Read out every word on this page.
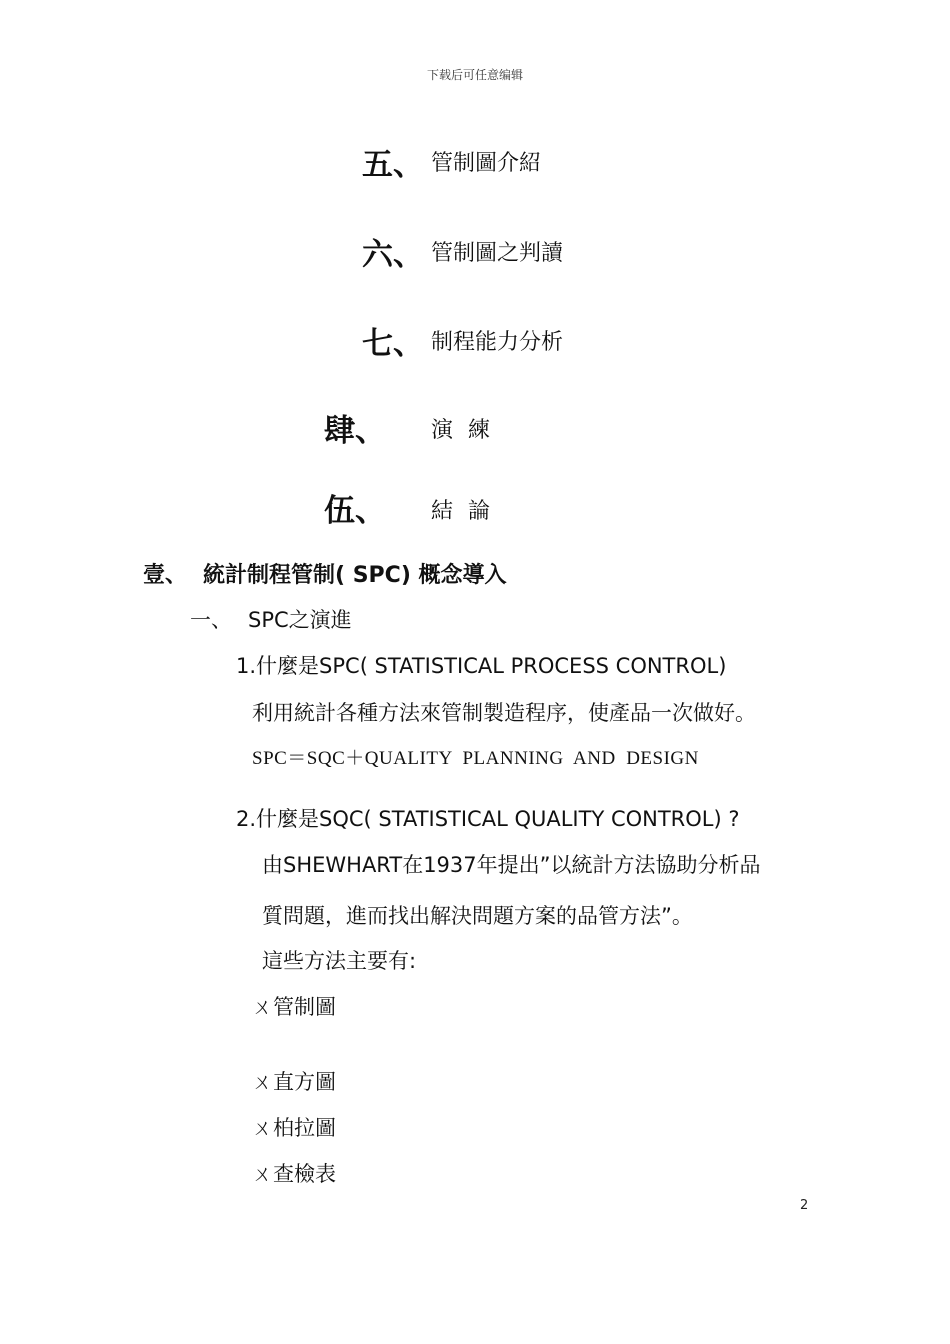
下载后可任意编辑
五、 管制圖介紹
六、 管制圖之判讀
七、 制程能力分析
肆、 演 練
伍、 結 論
壹、 統計制程管制( SPC) 概念導入
一、 SPC之演進
1.什麼是SPC( STATISTICAL PROCESS CONTROL)
利用統計各種方法來管制製造程序，使產品一次做好。
SPC＝SQC＋QUALITY  PLANNING  AND  DESIGN
2.什麼是SQC( STATISTICAL QUALITY CONTROL) ?
由SHEWHART在1937年提出”以統計方法協助分析品
質問題，進而找出解決問題方案的品管方法”。
這些方法主要有:
ㄨ管制圖
ㄨ直方圖
ㄨ柏拉圖
ㄨ查檢表
2
